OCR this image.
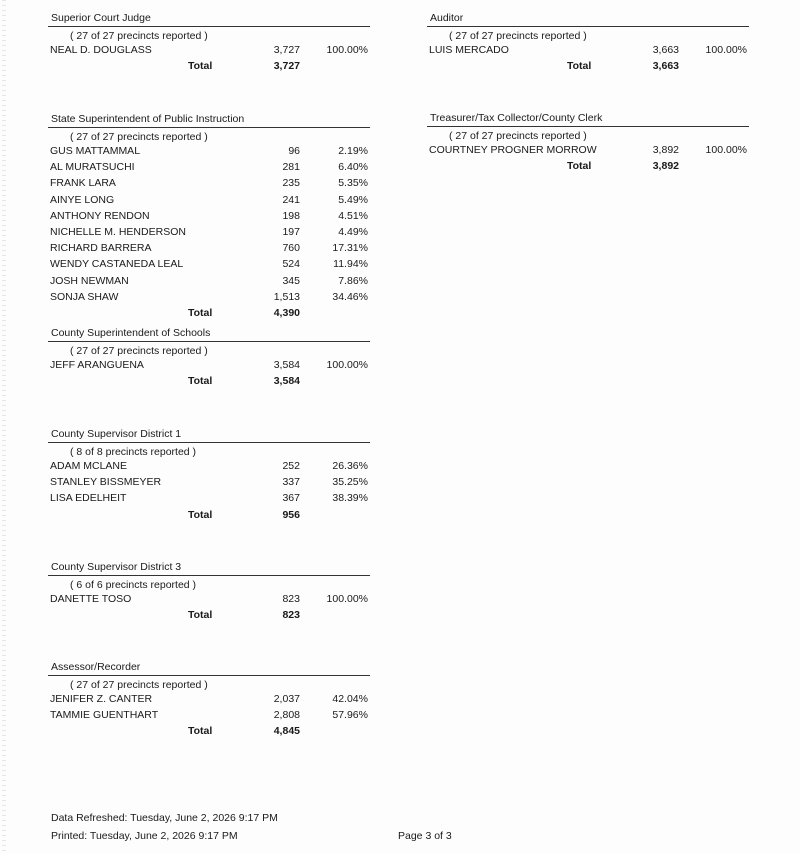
Superior Court Judge
( 27 of 27 precincts reported )
NEAL D. DOUGLASS	3,727	100.00%
Total	3,727
State Superintendent of Public Instruction
( 27 of 27 precincts reported )
GUS MATTAMMAL	96	2.19%
AL MURATSUCHI	281	6.40%
FRANK LARA	235	5.35%
AINYE LONG	241	5.49%
ANTHONY RENDON	198	4.51%
NICHELLE M. HENDERSON	197	4.49%
RICHARD BARRERA	760	17.31%
WENDY CASTANEDA LEAL	524	11.94%
JOSH NEWMAN	345	7.86%
SONJA SHAW	1,513	34.46%
Total	4,390
County Superintendent of Schools
( 27 of 27 precincts reported )
JEFF ARANGUENA	3,584	100.00%
Total	3,584
County Supervisor District 1
( 8 of 8 precincts reported )
ADAM MCLANE	252	26.36%
STANLEY BISSMEYER	337	35.25%
LISA EDELHEIT	367	38.39%
Total	956
County Supervisor District 3
( 6 of 6 precincts reported )
DANETTE TOSO	823	100.00%
Total	823
Assessor/Recorder
( 27 of 27 precincts reported )
JENIFER Z. CANTER	2,037	42.04%
TAMMIE GUENTHART	2,808	57.96%
Total	4,845
Auditor
( 27 of 27 precincts reported )
LUIS MERCADO	3,663	100.00%
Total	3,663
Treasurer/Tax Collector/County Clerk
( 27 of 27 precincts reported )
COURTNEY PROGNER MORROW	3,892	100.00%
Total	3,892
Data Refreshed: Tuesday, June 2, 2026 9:17 PM
Printed: Tuesday, June 2, 2026 9:17 PM	Page 3 of 3
